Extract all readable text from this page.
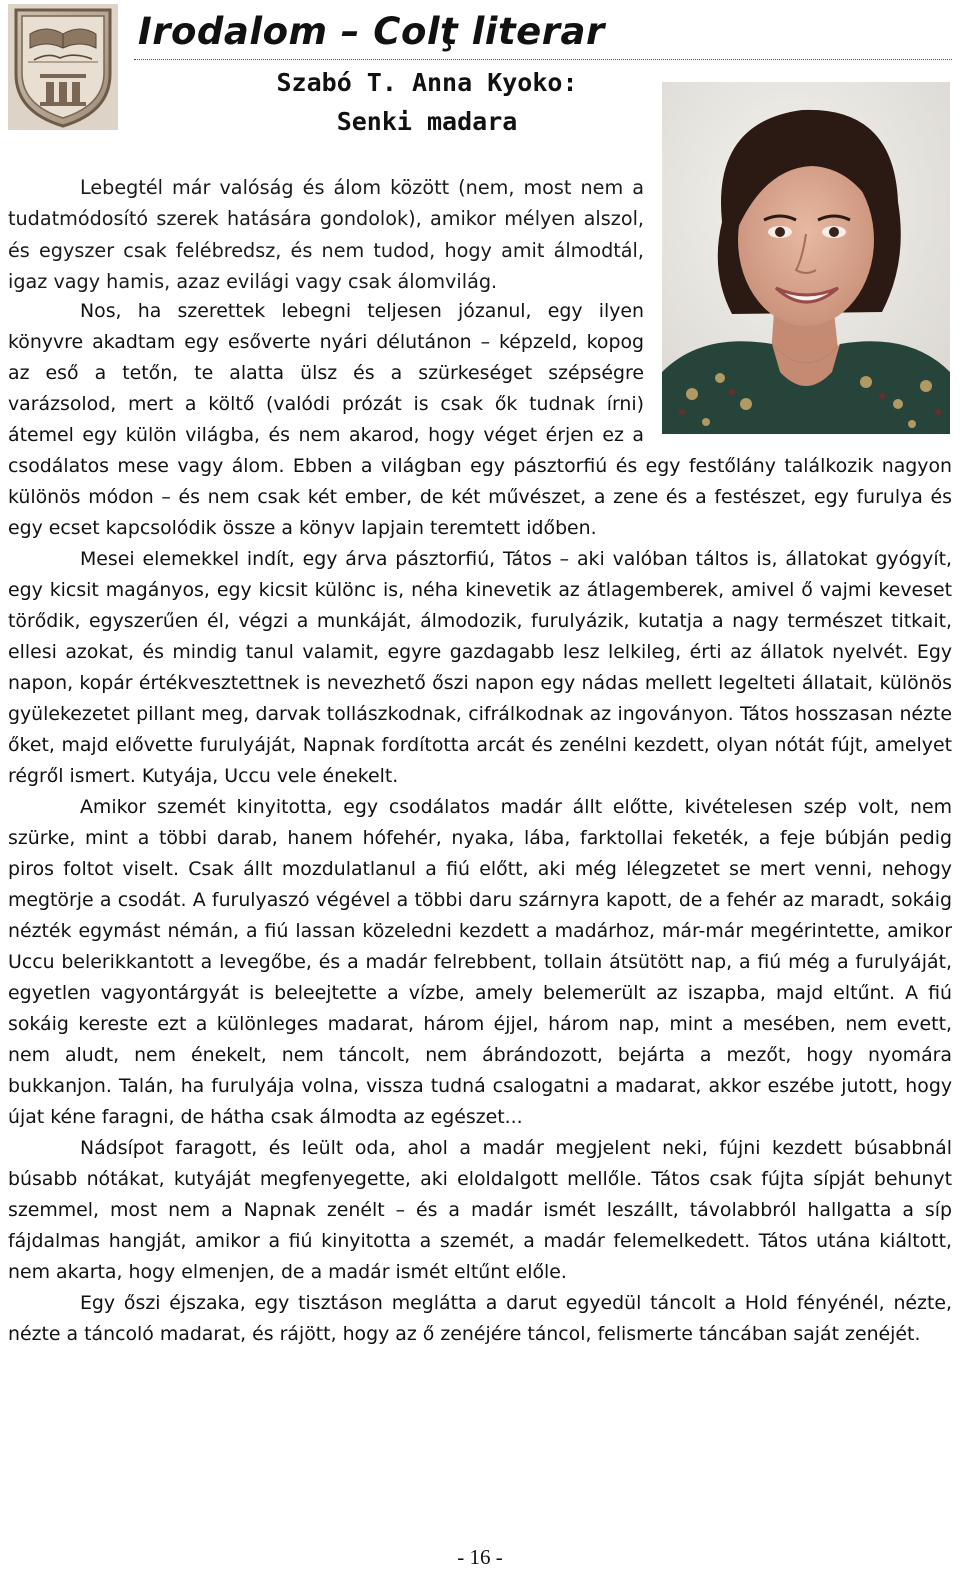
Irodalom – Colţ literar
Szabó T. Anna Kyoko:
Senki madara

Lebegtél már valóság és álom között (nem, most nem a tudatmódosító szerek hatására gondolok), amikor mélyen alszol, és egyszer csak felébredsz, és nem tudod, hogy amit álmodtál, igaz vagy hamis, azaz evilági vagy csak álomvilág.

Nos, ha szerettek lebegni teljesen józanul, egy ilyen könyvre akadtam egy esőverte nyári délutánon – képzeld, kopog az eső a tetőn, te alatta ülsz és a szürkeséget szépségre varázsolod, mert a költő (valódi prózát is csak ők tudnak írni) átemel egy külön világba, és nem akarod, hogy véget érjen ez a csodálatos mese vagy álom. Ebben a világban egy pásztorfiú és egy festőlány találkozik nagyon különös módon – és nem csak két ember, de két művészet, a zene és a festészet, egy furulya és egy ecset kapcsolódik össze a könyv lapjain teremtett időben.

Mesei elemekkel indít, egy árva pásztorfiú, Tátos – aki valóban táltos is, állatokat gyógyít, egy kicsit magányos, egy kicsit különc is, néha kinevetik az átlagemberek, amivel ő vajmi keveset törődik, egyszerűen él, végzi a munkáját, álmodozik, furulyázik, kutatja a nagy természet titkait, ellesi azokat, és mindig tanul valamit, egyre gazdagabb lesz lelkileg, érti az állatok nyelvét. Egy napon, kopár értékvesztettnek is nevezhető őszi napon egy nádas mellett legelteti állatait, különös gyülekezetet pillant meg, darvak tollászkodnak, cifrálkodnak az ingoványon. Tátos hosszasan nézte őket, majd elővette furulyáját, Napnak fordította arcát és zenélni kezdett, olyan nótát fújt, amelyet régről ismert. Kutyája, Uccu vele énekelt.

Amikor szemét kinyitotta, egy csodálatos madár állt előtte, kivételesen szép volt, nem szürke, mint a többi darab, hanem hófehér, nyaka, lába, farktollai feketék, a feje búbján pedig piros foltot viselt. Csak állt mozdulatlanul a fiú előtt, aki még lélegzetet se mert venni, nehogy megtörje a csodát. A furulyaszó végével a többi daru szárnyra kapott, de a fehér az maradt, sokáig nézték egymást némán, a fiú lassan közeledni kezdett a madárhoz, már-már megérintette, amikor Uccu belerikkantott a levegőbe, és a madár felrebbent, tollain átsütött nap, a fiú még a furulyáját, egyetlen vagyontárgyát is beleejtette a vízbe, amely belemerült az iszapba, majd eltűnt. A fiú sokáig kereste ezt a különleges madarat, három éjjel, három nap, mint a mesében, nem evett, nem aludt, nem énekelt, nem táncolt, nem ábrándozott, bejárta a mezőt, hogy nyomára bukkanjon. Talán, ha furulyája volna, vissza tudná csalogatni a madarat, akkor eszébe jutott, hogy újat kéne faragni, de hátha csak álmodta az egészet...

Nádsípot faragott, és leült oda, ahol a madár megjelent neki, fújni kezdett búsabbnál búsabb nótákat, kutyáját megfenyegette, aki eloldalgott mellőle. Tátos csak fújta sípját behunyt szemmel, most nem a Napnak zenélt – és a madár ismét leszállt, távolabbról hallgatta a síp fájdalmas hangját, amikor a fiú kinyitotta a szemét, a madár felemelkedett. Tátos utána kiáltott, nem akarta, hogy elmenjen, de a madár ismét eltűnt előle.

Egy őszi éjszaka, egy tisztáson meglátta a darut egyedül táncolt a Hold fényénél, nézte, nézte a táncoló madarat, és rájött, hogy az ő zenéjére táncol, felismerte táncában saját zenéjét.

- 16 -
